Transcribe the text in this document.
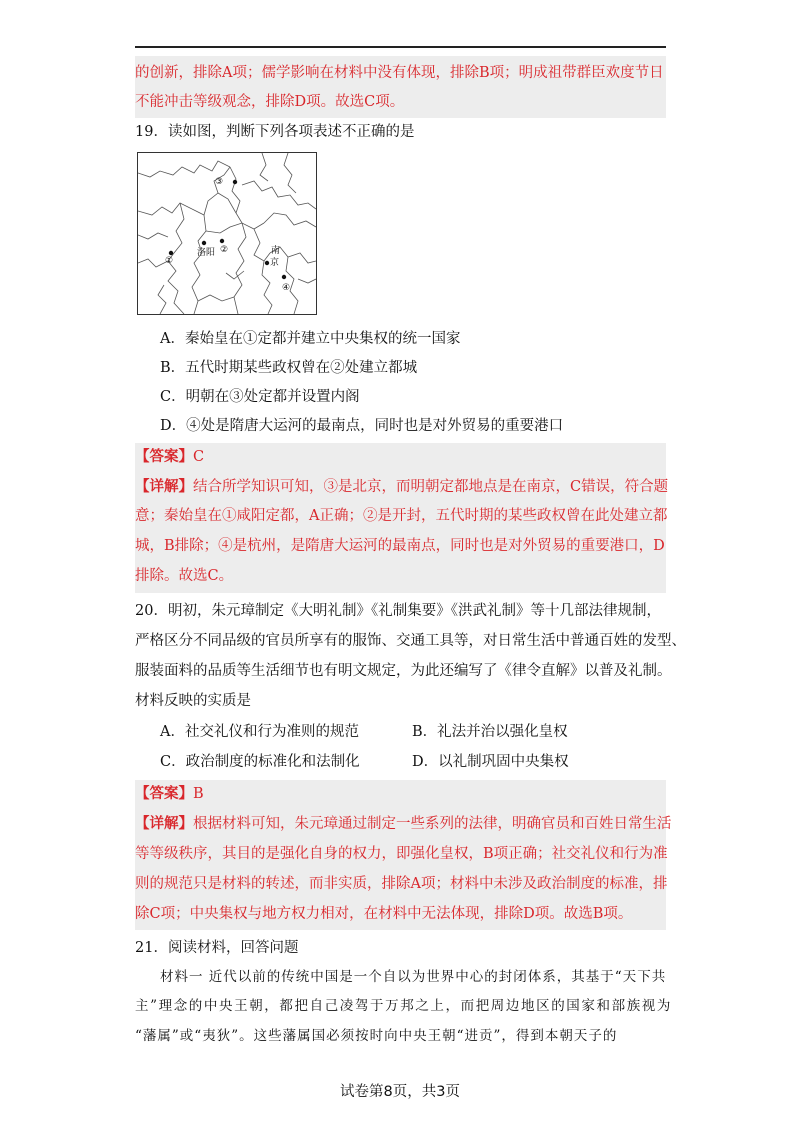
的创新，排除A项；儒学影响在材料中没有体现，排除B项；明成祖带群臣欢度节日
不能冲击等级观念，排除D项。故选C项。
19．读如图，判断下列各项表述不正确的是
③
①
洛阳 ②	南
京
④
A．秦始皇在①定都并建立中央集权的统一国家
B．五代时期某些政权曾在②处建立都城
C．明朝在③处定都并设置内阁
D．④处是隋唐大运河的最南点，同时也是对外贸易的重要港口
【答案】C
【详解】结合所学知识可知，③是北京，而明朝定都地点是在南京，C错误，符合题
意；秦始皇在①咸阳定都，A正确；②是开封，五代时期的某些政权曾在此处建立都
城，B排除；④是杭州，是隋唐大运河的最南点，同时也是对外贸易的重要港口，D
排除。故选C。
20．明初，朱元璋制定《大明礼制》《礼制集要》《洪武礼制》等十几部法律规制，
严格区分不同品级的官员所享有的服饰、交通工具等，对日常生活中普通百姓的发型、
服装面料的品质等生活细节也有明文规定，为此还编写了《律令直解》以普及礼制。
材料反映的实质是
A．社交礼仪和行为准则的规范	B．礼法并治以强化皇权
C．政治制度的标准化和法制化	D．以礼制巩固中央集权
【答案】B
【详解】根据材料可知，朱元璋通过制定一些系列的法律，明确官员和百姓日常生活
等等级秩序，其目的是强化自身的权力，即强化皇权，B项正确；社交礼仪和行为准
则的规范只是材料的转述，而非实质，排除A项；材料中未涉及政治制度的标准，排
除C项；中央集权与地方权力相对，在材料中无法体现，排除D项。故选B项。
21．阅读材料，回答问题
材料一 近代以前的传统中国是一个自以为世界中心的封闭体系，其基于“天下共
主”理念的中央王朝，都把自己凌驾于万邦之上，而把周边地区的国家和部族视为
“藩属”或“夷狄”。这些藩属国必须按时向中央王朝“进贡”，得到本朝天子的
试卷第8页，共3页
